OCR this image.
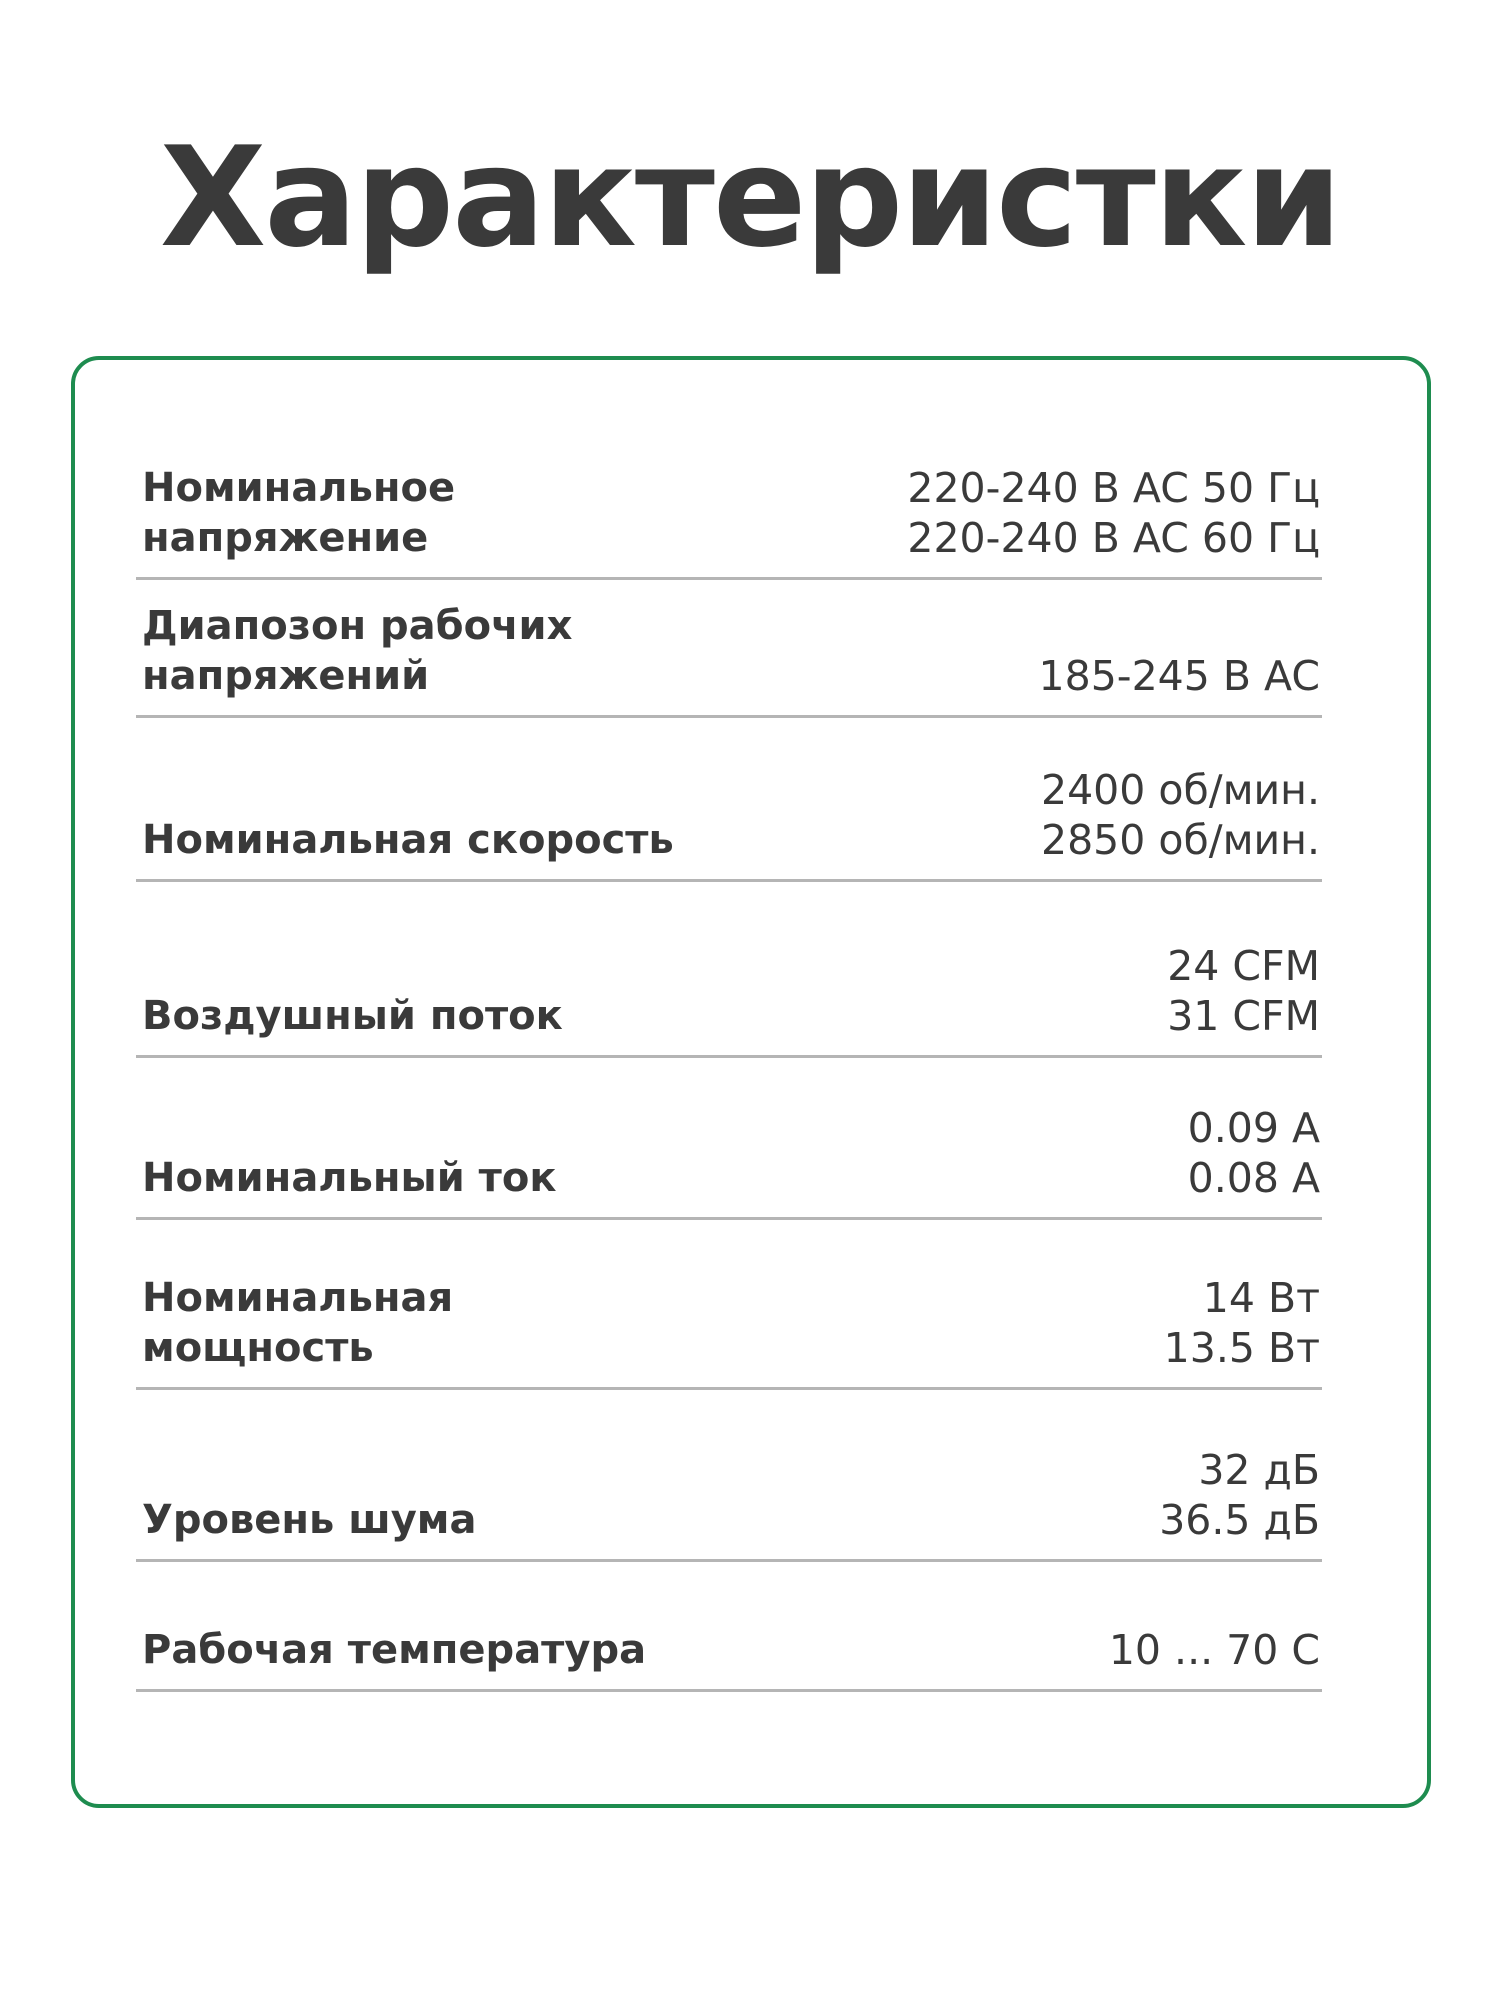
Характеристки
Номинальное
напряжение
220-240 В AC 50 Гц
220-240 В AC 60 Гц
Диапозон рабочих
напряжений	185-245 В AC
Номинальная скорость
2400 об/мин.
2850 об/мин.
Воздушный поток
24 CFM
31 CFM
Номинальный ток
0.09 А
0.08 А
Номинальная
мощность
14 Вт
13.5 Вт
Уровень шума
32 дБ
36.5 дБ
Рабочая температура	10 ... 70 С
